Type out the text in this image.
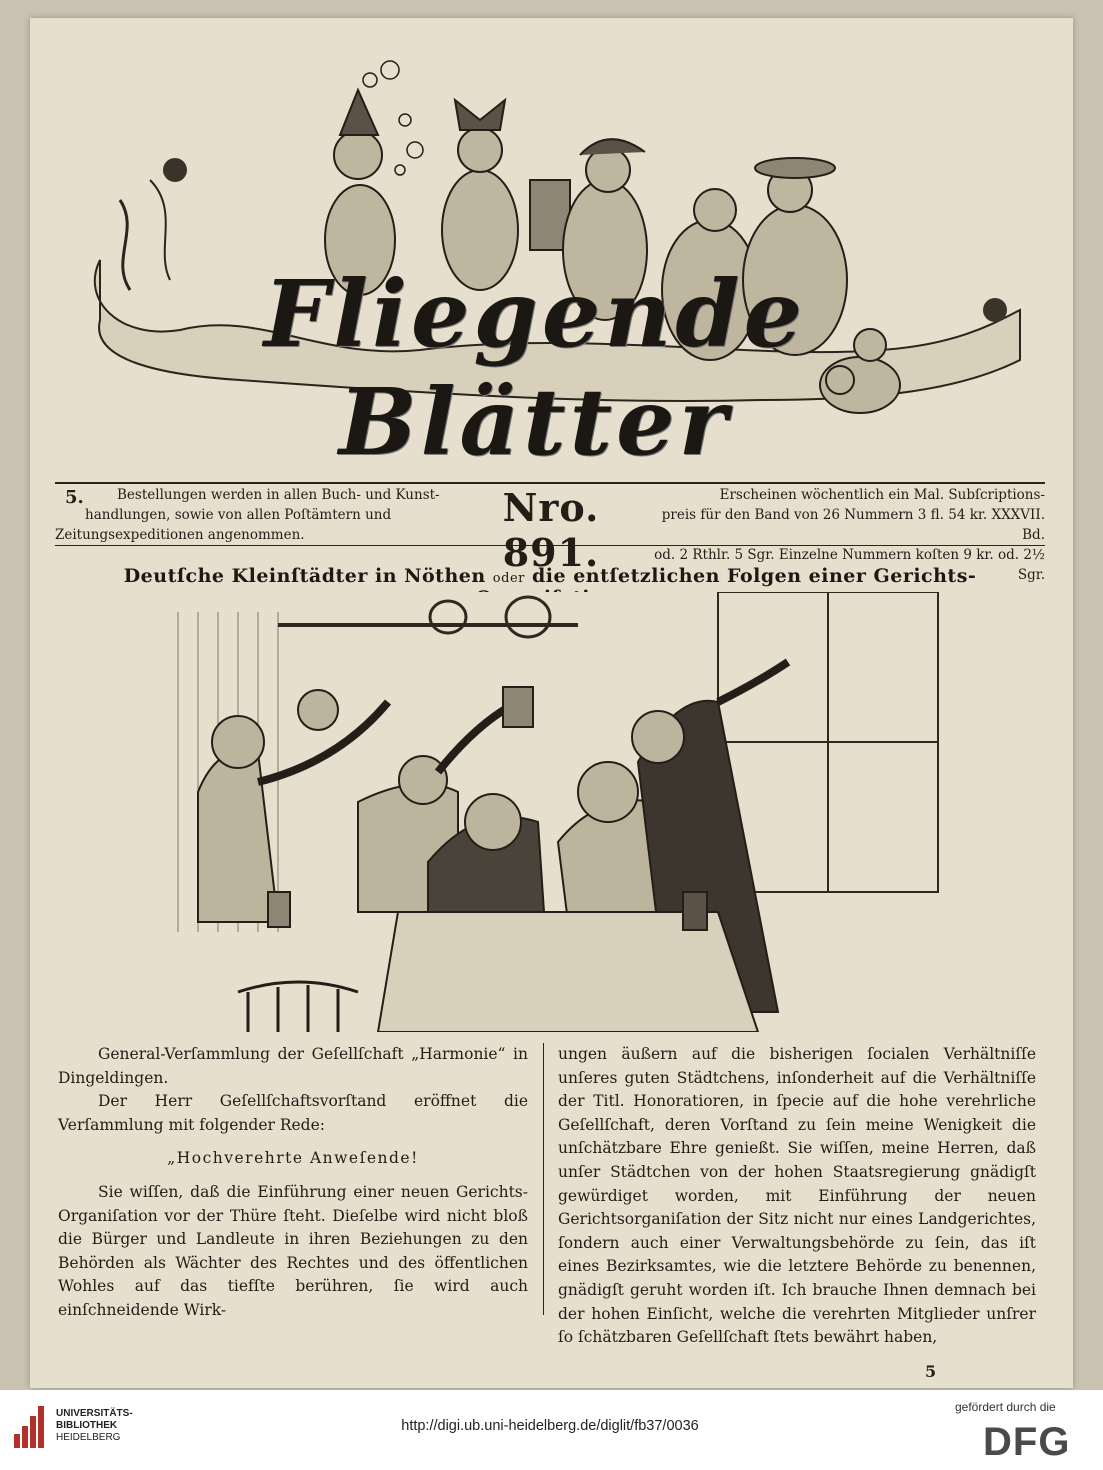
Fliegende Blätter
5.	Bestellungen werden in allen Buch- und Kunst-
handlungen, sowie von allen Poſtämtern und
Zeitungsexpeditionen angenommen.
Nro. 891.
Erscheinen wöchentlich ein Mal. Subſcriptions-
preis für den Band von 26 Nummern 3 fl. 54 kr. XXXVII. Bd.
od. 2 Rthlr. 5 Sgr. Einzelne Nummern koſten 9 kr. od. 2½ Sgr.
Deutſche Kleinſtädter in Nöthen oder die entſetzlichen Folgen einer Gerichts-

General-Verſammlung der Geſellſchaft „Harmonie“ in Dingeldingen.

Der Herr Geſellſchaftsvorſtand eröffnet die Verſammlung mit folgender Rede:

„Hochverehrte Anweſende!

Sie wiſſen, daß die Einführung einer neuen Gerichts-Organiſation vor der Thüre ſteht. Dieſelbe wird nicht bloß die Bürger und Landleute in ihren Beziehungen zu den Behörden als Wächter des Rechtes und des öffentlichen Wohles auf das tiefſte berühren, ſie wird auch einſchneidende Wirk-

ungen äußern auf die bisherigen ſocialen Verhältniſſe unſeres guten Städtchens, inſonderheit auf die Verhältniſſe der Titl. Honoratioren, in ſpecie auf die hohe verehrliche Geſellſchaft, deren Vorſtand zu ſein meine Wenigkeit die unſchätzbare Ehre genießt. Sie wiſſen, meine Herren, daß unſer Städtchen von der hohen Staatsregierung gnädigſt gewürdiget worden, mit Einführung der neuen Gerichtsorganiſation der Sitz nicht nur eines Landgerichtes, ſondern auch einer Verwaltungsbehörde zu ſein, das iſt eines Bezirksamtes, wie die letztere Behörde zu benennen, gnädigſt geruht worden iſt. Ich brauche Ihnen demnach bei der hohen Einſicht, welche die verehrten Mitglieder unſrer ſo ſchätzbaren Geſellſchaft ſtets bewährt haben,

5
UNIVERSITÄTS-
BIBLIOTHEK
HEIDELBERG
http://digi.ub.uni-heidelberg.de/diglit/fb37/0036
gefördert durch die
DFG
